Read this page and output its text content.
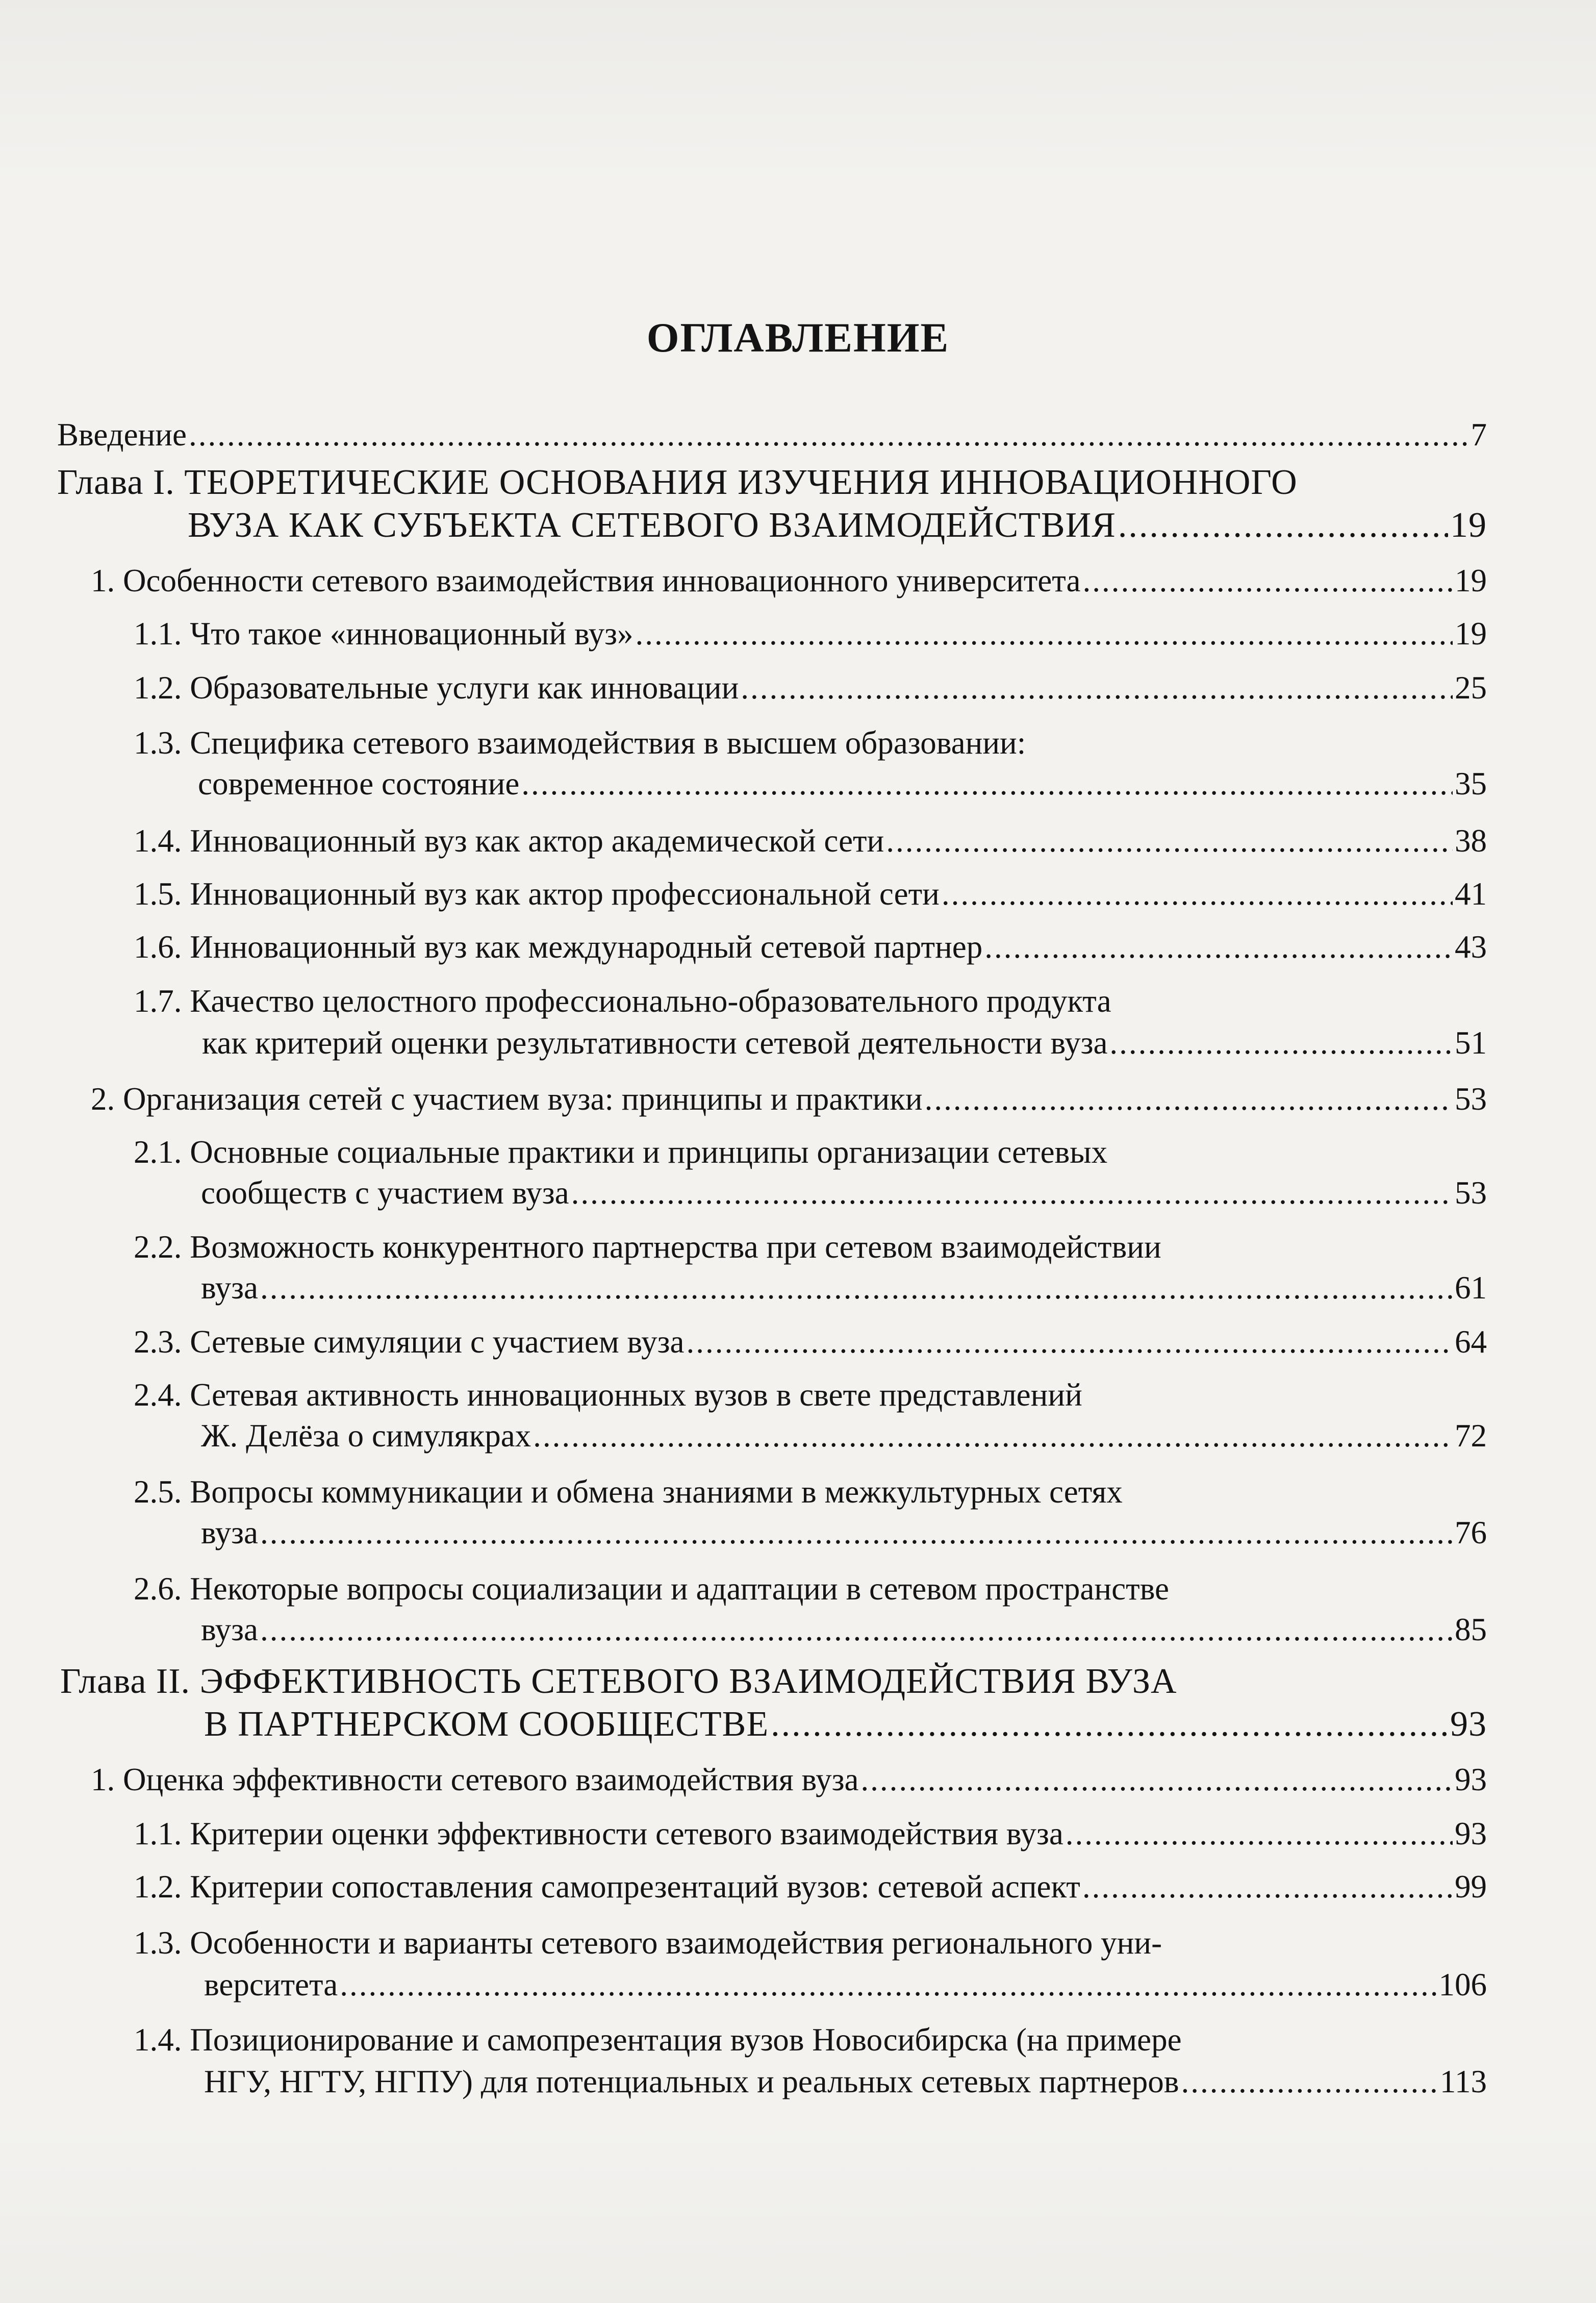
ОГЛАВЛЕНИЕ
Введение .....	7
Глава I. ТЕОРЕТИЧЕСКИЕ ОСНОВАНИЯ ИЗУЧЕНИЯ ИННОВАЦИОННОГО
ВУЗА КАК СУБЪЕКТА СЕТЕВОГО ВЗАИМОДЕЙСТВИЯ .....	19
1. Особенности сетевого взаимодействия инновационного университета .....	19
1.1. Что такое «инновационный вуз» .....	19
1.2. Образовательные услуги как инновации .....	25
1.3. Специфика сетевого взаимодействия в высшем образовании:
современное состояние .....	35
1.4. Инновационный вуз как актор академической сети .....	38
1.5. Инновационный вуз как актор профессиональной сети .....	41
1.6. Инновационный вуз как международный сетевой партнер .....	43
1.7. Качество целостного профессионально-образовательного продукта
как критерий оценки результативности сетевой деятельности вуза .....	51
2. Организация сетей с участием вуза: принципы и практики .....	53
2.1. Основные социальные практики и принципы организации сетевых
сообществ с участием вуза .....	53
2.2. Возможность конкурентного партнерства при сетевом взаимодействии
вуза .....	61
2.3. Сетевые симуляции с участием вуза .....	64
2.4. Сетевая активность инновационных вузов в свете представлений
Ж. Делёза о симулякрах .....	72
2.5. Вопросы коммуникации и обмена знаниями в межкультурных сетях
вуза .....	76
2.6. Некоторые вопросы социализации и адаптации в сетевом пространстве
вуза .....	85
Глава II. ЭФФЕКТИВНОСТЬ СЕТЕВОГО ВЗАИМОДЕЙСТВИЯ ВУЗА
В ПАРТНЕРСКОМ СООБЩЕСТВЕ .....	93
1. Оценка эффективности сетевого взаимодействия вуза .....	93
1.1. Критерии оценки эффективности сетевого взаимодействия вуза .....	93
1.2. Критерии сопоставления самопрезентаций вузов: сетевой аспект .....	99
1.3. Особенности и варианты сетевого взаимодействия регионального уни-
верситета .....	106
1.4. Позиционирование и самопрезентация вузов Новосибирска (на примере
НГУ, НГТУ, НГПУ) для потенциальных и реальных сетевых партнеров .....	113
